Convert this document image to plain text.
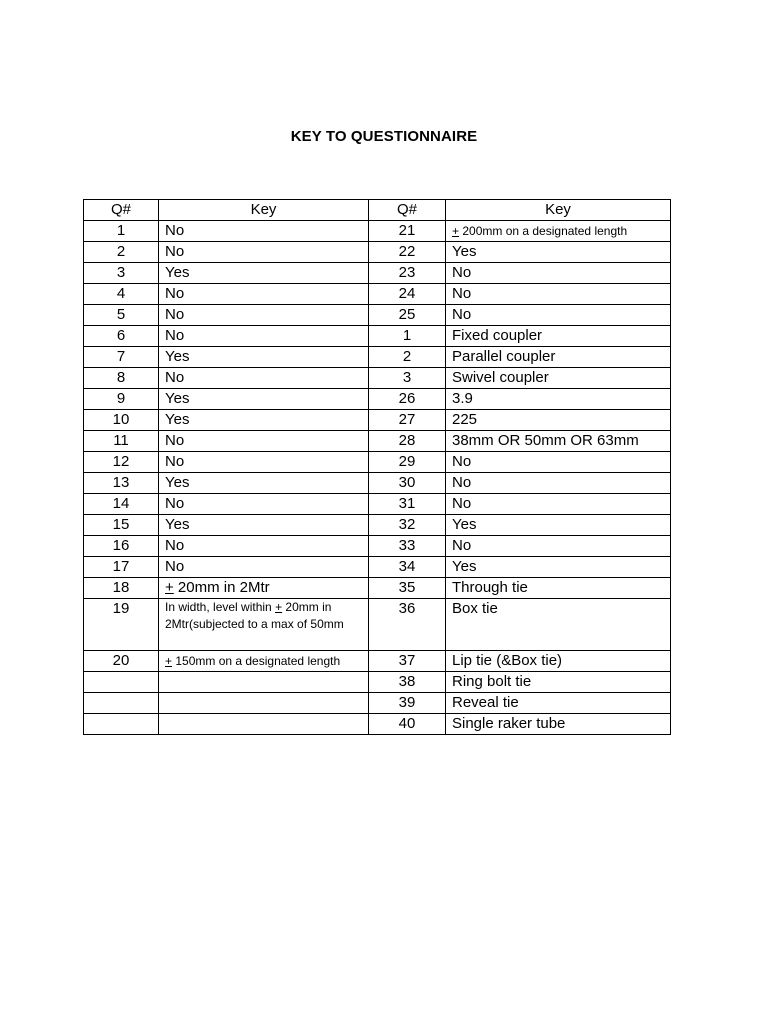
KEY TO QUESTIONNAIRE
Q#	Key	Q#	Key
1	No	21	+ 200mm on a designated length
2	No	22	Yes
3	Yes	23	No
4	No	24	No
5	No	25	No
6	No	1	Fixed coupler
7	Yes	2	Parallel coupler
8	No	3	Swivel coupler
9	Yes	26	3.9
10	Yes	27	225
11	No	28	38mm OR 50mm OR 63mm
12	No	29	No
13	Yes	30	No
14	No	31	No
15	Yes	32	Yes
16	No	33	No
17	No	34	Yes
18	+ 20mm in 2Mtr	35	Through tie
19	In width, level within + 20mm in 2Mtr(subjected to a max of 50mm	36	Box tie
20	+ 150mm on a designated length	37	Lip tie (&Box tie)
		38	Ring bolt tie
		39	Reveal tie
		40	Single raker tube
